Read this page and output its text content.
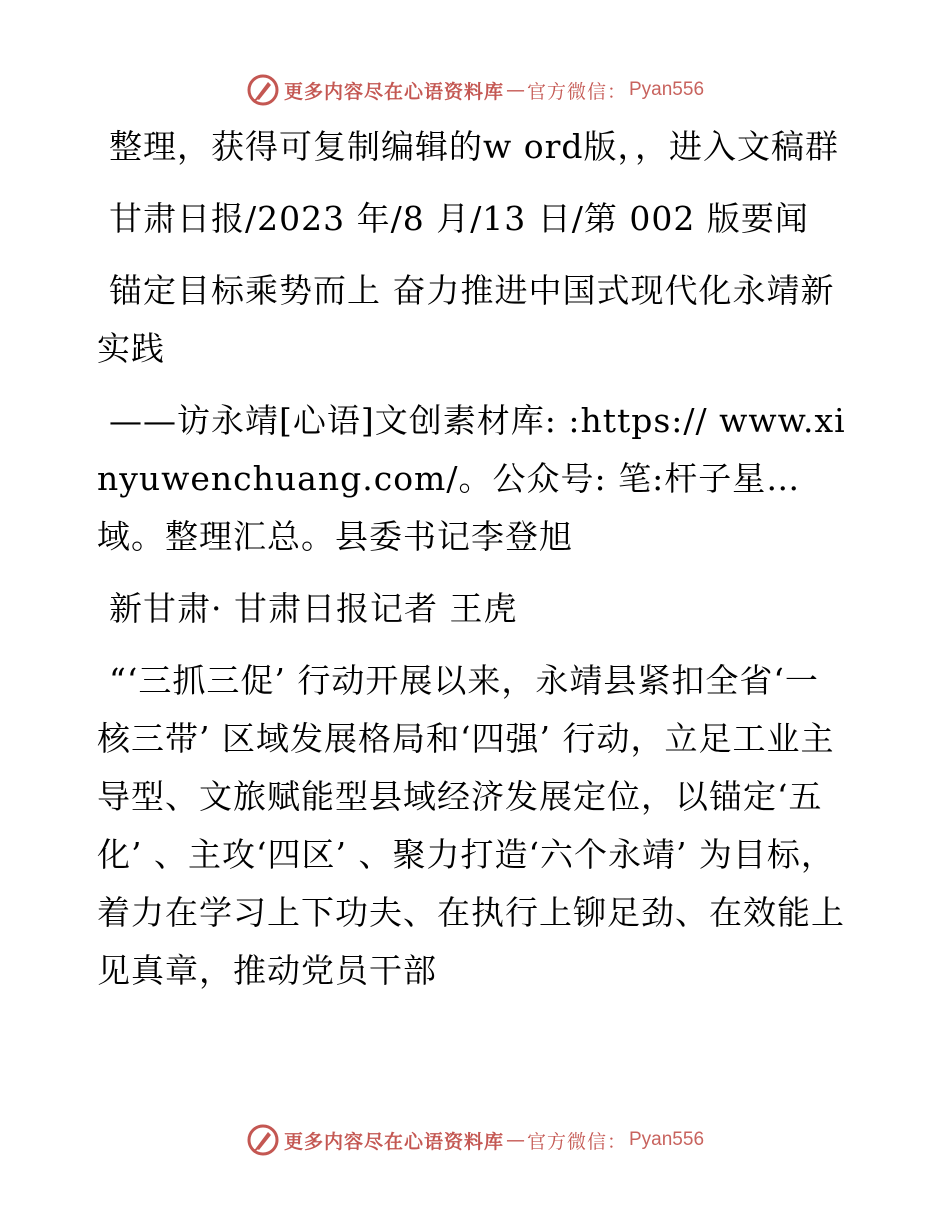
更多内容尽在心语资料库 — 官方微信： Pyan556

整理，获得可复制编辑的w ord版，，进入文稿群

甘肃日报/2023 年/8 月/13 日/第 002 版要闻

锚定目标乘势而上 奋力推进中国式现代化永靖新实践

——访永靖[心语]文创素材库: :https:// www.xinyuwenchuang.com/。公众号: 笔:杆子星…域。整理汇总。县委书记李登旭

新甘肃· 甘肃日报记者 王虎

“‘三抓三促’ 行动开展以来，永靖县紧扣全省‘一核三带’ 区域发展格局和‘四强’ 行动，立足工业主导型、文旅赋能型县域经济发展定位，以锚定‘五化’ 、主攻‘四区’ 、聚力打造‘六个永靖’ 为目标，着力在学习上下功夫、在执行上铆足劲、在效能上见真章，推动党员干部

更多内容尽在心语资料库 — 官方微信： Pyan556
